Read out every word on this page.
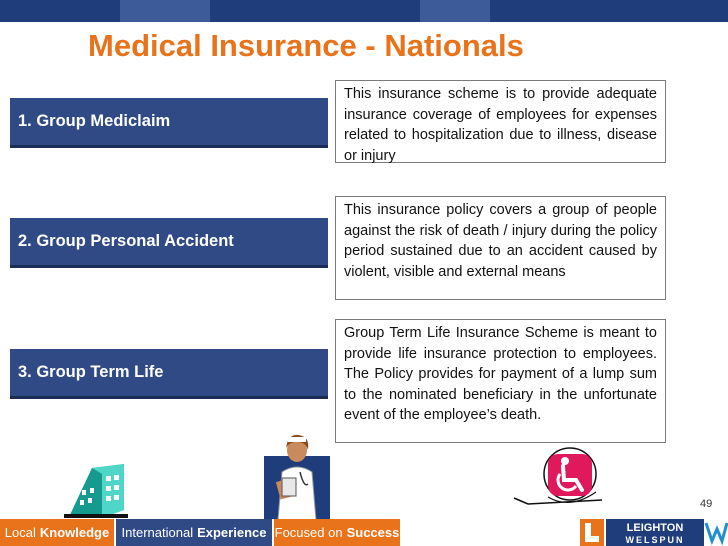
Medical Insurance - Nationals
1. Group Mediclaim
This insurance scheme is to provide adequate insurance coverage of employees for expenses related to hospitalization due to illness, disease or injury
2. Group Personal Accident
This insurance policy covers a group of people against the risk of death / injury during the policy period sustained due to an accident caused by violent, visible and external means
3. Group Term Life
Group Term Life Insurance Scheme is meant to provide life insurance protection to employees. The Policy provides for payment of a lump sum to the nominated beneficiary in the unfortunate event of the employee’s death.
49
Local Knowledge International Experience Focused on Success	LEIGHTON
WELSPUN
